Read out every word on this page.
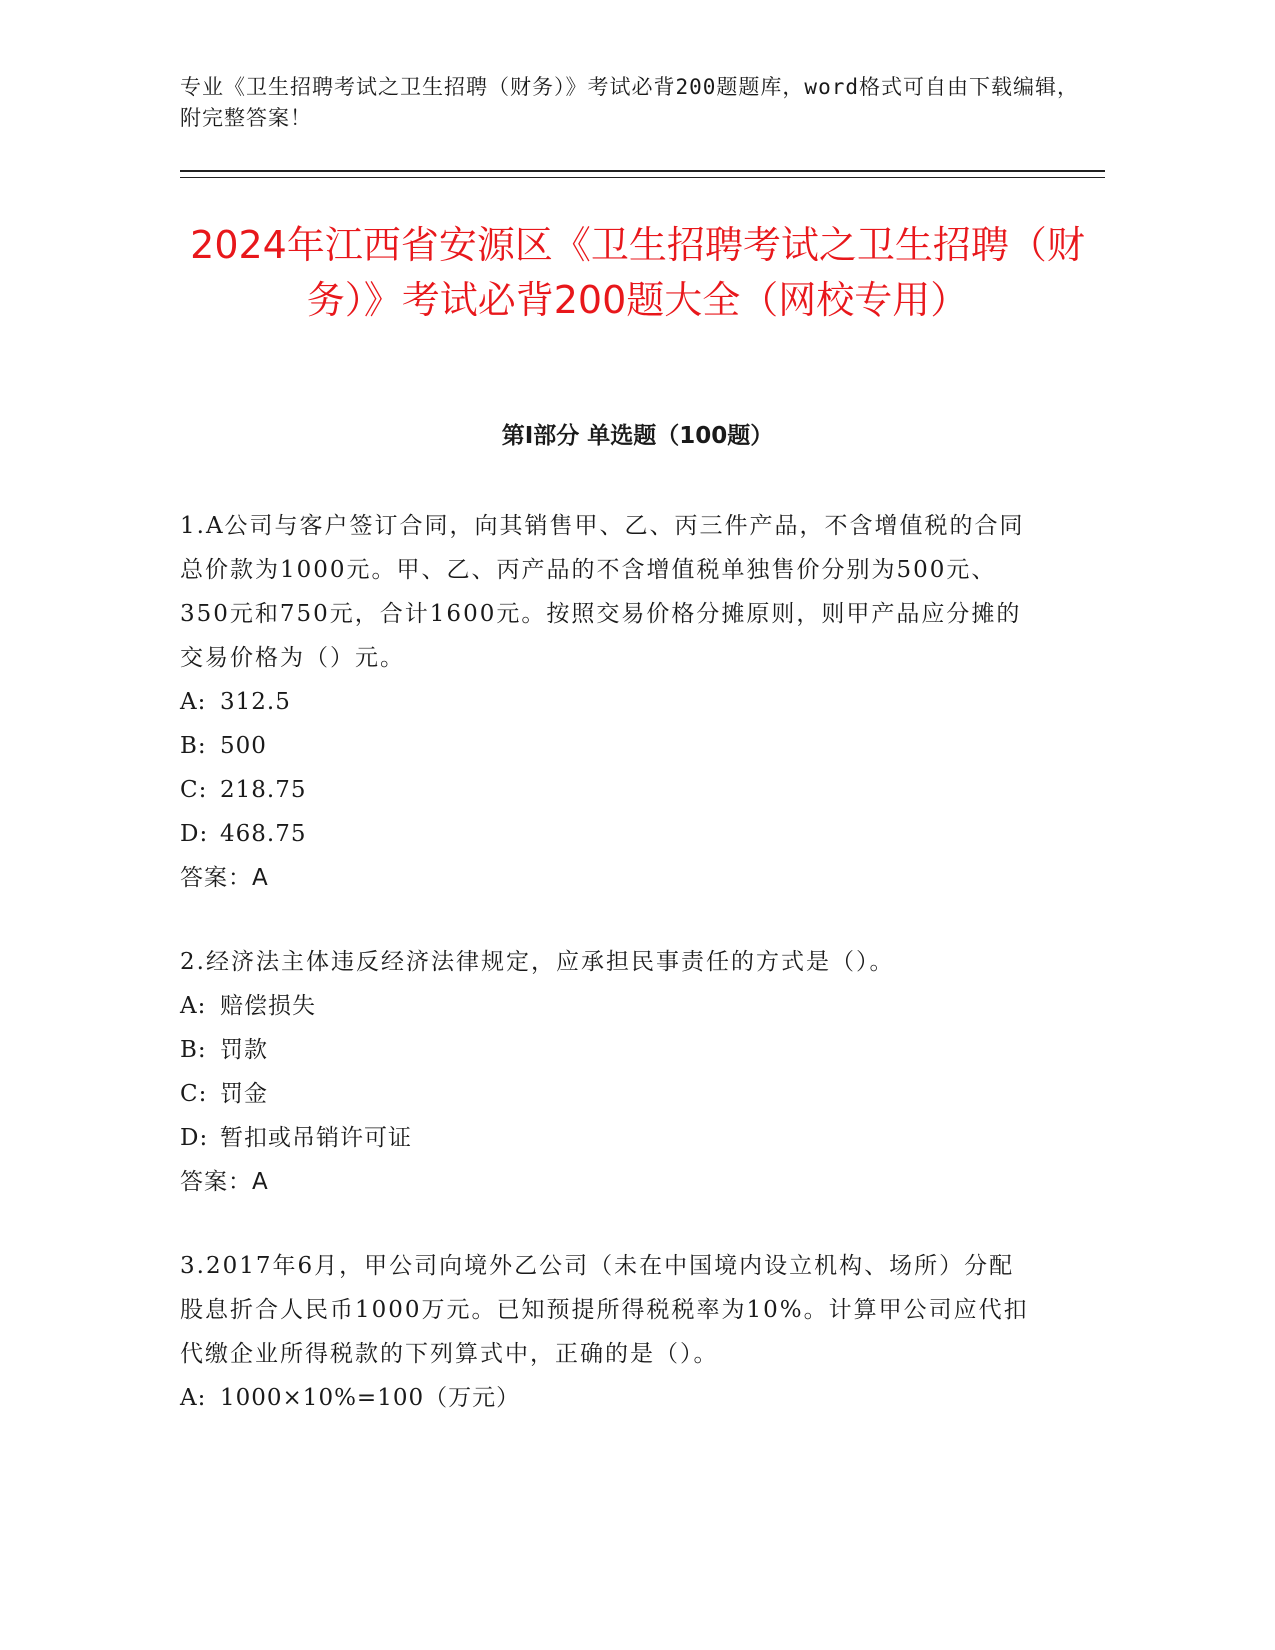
专业《卫生招聘考试之卫生招聘（财务）》考试必背200题题库，word格式可自由下载编辑，附完整答案！
2024年江西省安源区《卫生招聘考试之卫生招聘（财务）》考试必背200题大全（网校专用）
第I部分 单选题（100题）

1.A公司与客户签订合同，向其销售甲、乙、丙三件产品，不含增值税的合同总价款为1000元。甲、乙、丙产品的不含增值税单独售价分别为500元、350元和750元，合计1600元。按照交易价格分摊原则，则甲产品应分摊的交易价格为（）元。

A: 312.5

B: 500

C: 218.75

D: 468.75

答案：A

2.经济法主体违反经济法律规定，应承担民事责任的方式是（）。

A: 赔偿损失

B: 罚款

C: 罚金

D: 暂扣或吊销许可证

答案：A

3.2017年6月，甲公司向境外乙公司（未在中国境内设立机构、场所）分配股息折合人民币1000万元。已知预提所得税税率为10%。计算甲公司应代扣代缴企业所得税款的下列算式中，正确的是（）。

A: 1000×10%=100（万元）
